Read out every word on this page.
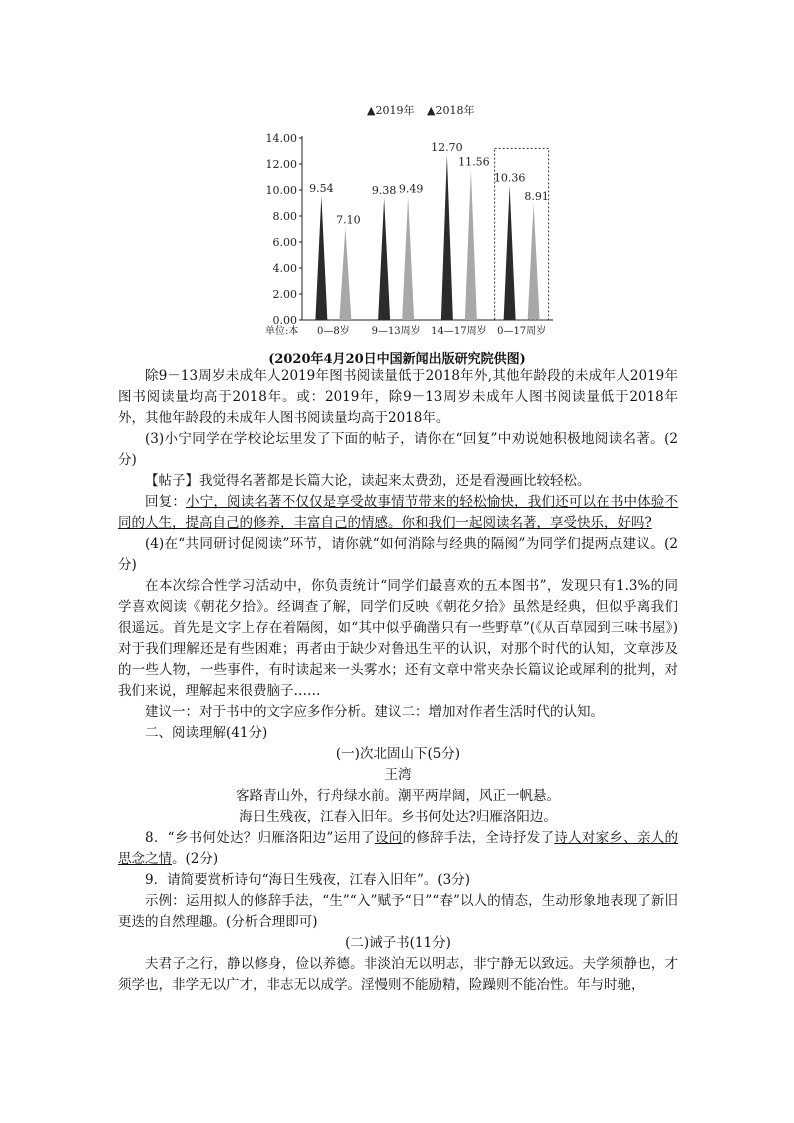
▲2019年 ▲2018年
0.00
2.00
4.00
6.00
8.00
10.00
12.00
14.00
9.54
7.10
0—8岁
9.38 9.49
9—13周岁
12.70
11.56
14—17周岁
10.36
8.91
0—17周岁
单位:本
(2020年4月20日中国新闻出版研究院供图)

除9－13周岁未成年人2019年图书阅读量低于2018年外,其他年龄段的未成年人2019年图书阅读量均高于2018年。或：2019年，除9－13周岁未成年人图书阅读量低于2018年外，其他年龄段的未成年人图书阅读量均高于2018年。

(3)小宁同学在学校论坛里发了下面的帖子，请你在“回复”中劝说她积极地阅读名著。(2分)

【帖子】我觉得名著都是长篇大论，读起来太费劲，还是看漫画比较轻松。

回复：小宁，阅读名著不仅仅是享受故事情节带来的轻松愉快，我们还可以在书中体验不同的人生，提高自己的修养，丰富自己的情感。你和我们一起阅读名著，享受快乐，好吗?

(4)在“共同研讨促阅读”环节，请你就“如何消除与经典的隔阂”为同学们提两点建议。(2分)

在本次综合性学习活动中，你负责统计“同学们最喜欢的五本图书”，发现只有1.3%的同学喜欢阅读《朝花夕拾》。经调查了解，同学们反映《朝花夕拾》虽然是经典，但似乎离我们很遥远。首先是文字上存在着隔阂，如“其中似乎确凿只有一些野草”(《从百草园到三味书屋》)对于我们理解还是有些困难；再者由于缺少对鲁迅生平的认识，对那个时代的认知，文章涉及的一些人物，一些事件，有时读起来一头雾水；还有文章中常夹杂长篇议论或犀利的批判，对我们来说，理解起来很费脑子……

建议一：对于书中的文字应多作分析。建议二：增加对作者生活时代的认知。

二、阅读理解(41分)

(一)次北固山下(5分)

王湾

客路青山外，行舟绿水前。潮平两岸阔，风正一帆悬。

海日生残夜，江春入旧年。乡书何处达?归雁洛阳边。

8．“乡书何处达？归雁洛阳边”运用了设问的修辞手法，全诗抒发了诗人对家乡、亲人的思念之情。(2分)

9．请简要赏析诗句“海日生残夜，江春入旧年”。(3分)

示例：运用拟人的修辞手法，“生”“入”赋予“日”“春”以人的情态，生动形象地表现了新旧更迭的自然理趣。(分析合理即可)

(二)诫子书(11分)

夫君子之行，静以修身，俭以养德。非淡泊无以明志，非宁静无以致远。夫学须静也，才须学也，非学无以广才，非志无以成学。淫慢则不能励精，险躁则不能冶性。年与时驰，
